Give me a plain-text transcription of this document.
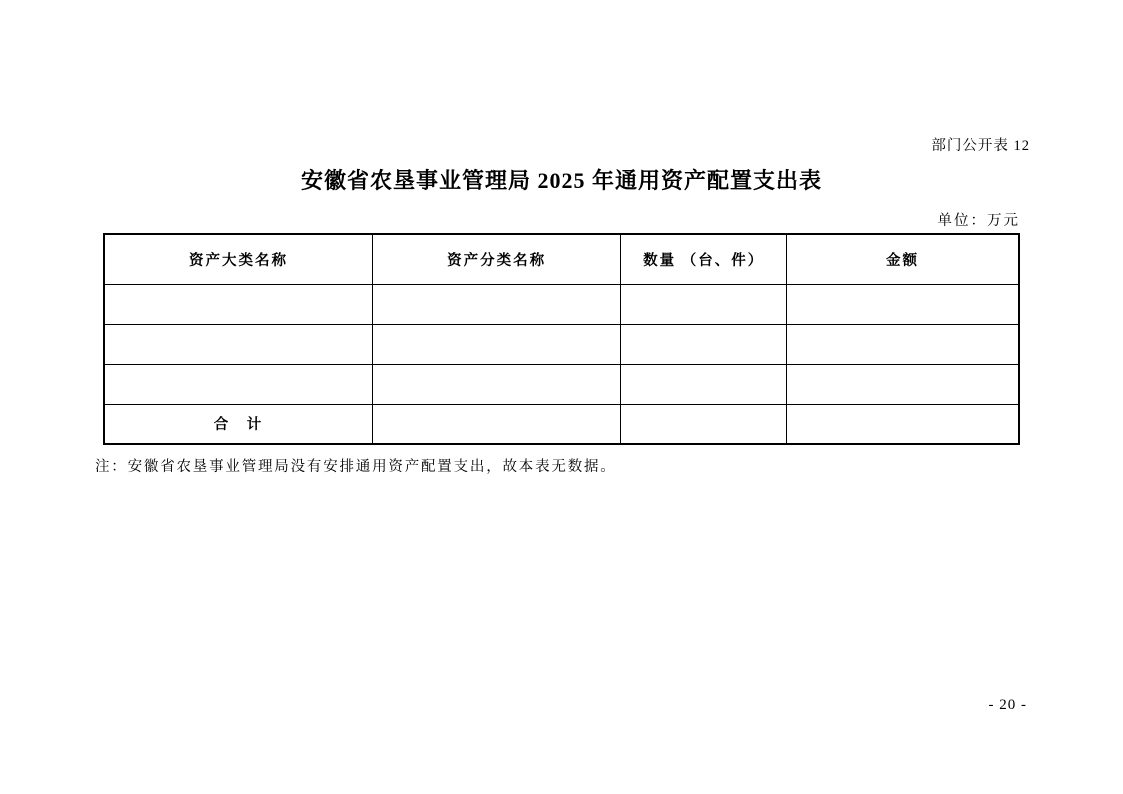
部门公开表 12
安徽省农垦事业管理局 2025 年通用资产配置支出表
单位：万元
资产大类名称	资产分类名称	数量 （台、件）	金额

合　计			
注：安徽省农垦事业管理局没有安排通用资产配置支出，故本表无数据。
- 20 -
